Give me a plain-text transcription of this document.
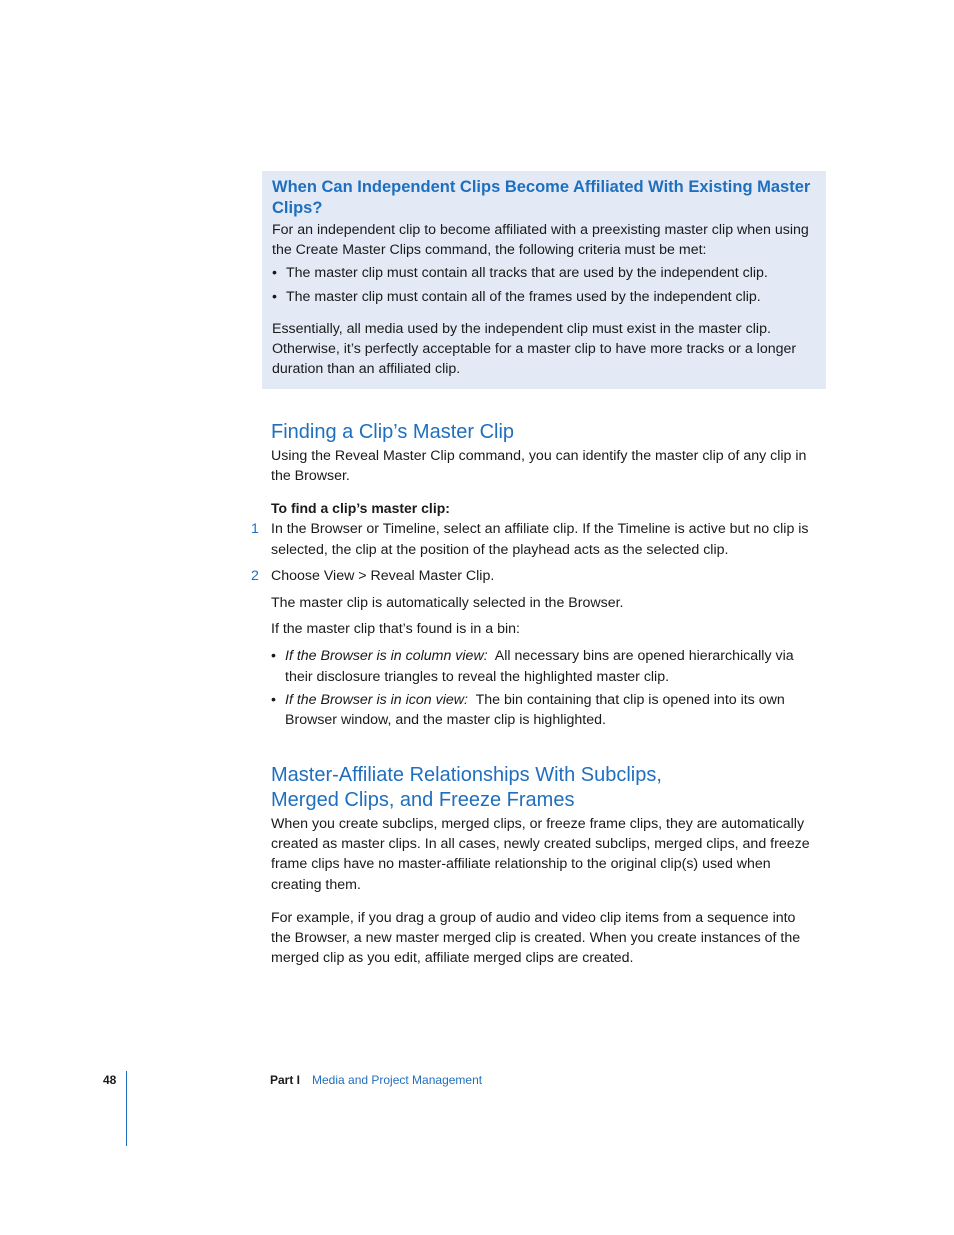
When Can Independent Clips Become Affiliated With Existing Master Clips?

For an independent clip to become affiliated with a preexisting master clip when using the Create Master Clips command, the following criteria must be met:

• The master clip must contain all tracks that are used by the independent clip.
• The master clip must contain all of the frames used by the independent clip.

Essentially, all media used by the independent clip must exist in the master clip. Otherwise, it’s perfectly acceptable for a master clip to have more tracks or a longer duration than an affiliated clip.

Finding a Clip’s Master Clip

Using the Reveal Master Clip command, you can identify the master clip of any clip in the Browser.

To find a clip’s master clip:

1 In the Browser or Timeline, select an affiliate clip. If the Timeline is active but no clip is selected, the clip at the position of the playhead acts as the selected clip.
2 Choose View > Reveal Master Clip.

The master clip is automatically selected in the Browser.

If the master clip that’s found is in a bin:

• If the Browser is in column view: All necessary bins are opened hierarchically via their disclosure triangles to reveal the highlighted master clip.
• If the Browser is in icon view: The bin containing that clip is opened into its own Browser window, and the master clip is highlighted.
Master-Affiliate Relationships With Subclips,
Merged Clips, and Freeze Frames

When you create subclips, merged clips, or freeze frame clips, they are automatically created as master clips. In all cases, newly created subclips, merged clips, and freeze frame clips have no master-affiliate relationship to the original clip(s) used when creating them.

For example, if you drag a group of audio and video clip items from a sequence into the Browser, a new master merged clip is created. When you create instances of the merged clip as you edit, affiliate merged clips are created.

48	Part I Media and Project Management
